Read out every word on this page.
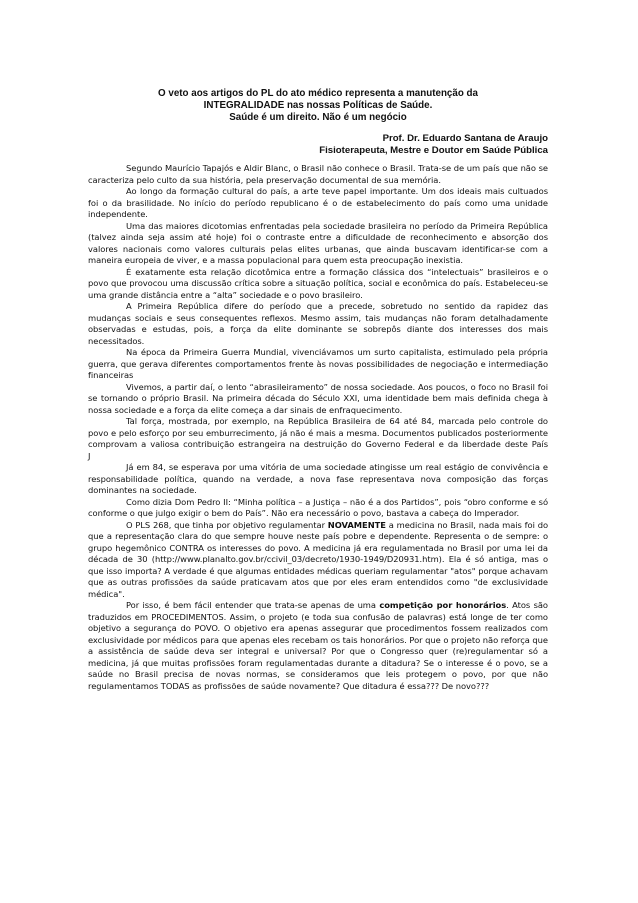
O veto aos artigos do PL do ato médico representa a manutenção da
INTEGRALIDADE nas nossas Políticas de Saúde.
Saúde é um direito. Não é um negócio
Prof. Dr. Eduardo Santana de Araujo
Fisioterapeuta, Mestre e Doutor em Saúde Pública

Segundo Maurício Tapajós e Aldir Blanc, o Brasil não conhece o Brasil. Trata-se de um país que não se caracteriza pelo culto da sua história, pela preservação documental de sua memória.

Ao longo da formação cultural do país, a arte teve papel importante. Um dos ideais mais cultuados foi o da brasilidade. No início do período republicano é o de estabelecimento do país como uma unidade independente.

Uma das maiores dicotomias enfrentadas pela sociedade brasileira no período da Primeira República (talvez ainda seja assim até hoje) foi o contraste entre a dificuldade de reconhecimento e absorção dos valores nacionais como valores culturais pelas elites urbanas, que ainda buscavam identificar-se com a maneira europeia de viver, e a massa populacional para quem esta preocupação inexistia.

É exatamente esta relação dicotômica entre a formação clássica dos “intelectuais” brasileiros e o povo que provocou uma discussão crítica sobre a situação política, social e econômica do país. Estabeleceu-se uma grande distância entre a “alta” sociedade e o povo brasileiro.

A Primeira República difere do período que a precede, sobretudo no sentido da rapidez das mudanças sociais e seus consequentes reflexos. Mesmo assim, tais mudanças não foram detalhadamente observadas e estudas, pois, a força da elite dominante se sobrepôs diante dos interesses dos mais necessitados.

Na época da Primeira Guerra Mundial, vivenciávamos um surto capitalista, estimulado pela própria guerra, que gerava diferentes comportamentos frente às novas possibilidades de negociação e intermediação financeiras

Vivemos, a partir daí, o lento “abrasileiramento” de nossa sociedade. Aos poucos, o foco no Brasil foi se tornando o próprio Brasil. Na primeira década do Século XXI, uma identidade bem mais definida chega à nossa sociedade e a força da elite começa a dar sinais de enfraquecimento.

Tal força, mostrada, por exemplo, na República Brasileira de 64 até 84, marcada pelo controle do povo e pelo esforço por seu emburrecimento, já não é mais a mesma. Documentos publicados posteriormente comprovam a valiosa contribuição estrangeira na destruição do Governo Federal e da liberdade deste País        J

Já em 84, se esperava por uma vitória de uma sociedade atingisse um real estágio de convivência e responsabilidade política, quando na verdade, a nova fase representava nova composição das forças dominantes na sociedade.

Como dizia Dom Pedro II: “Minha política – a Justiça – não é a dos Partidos”, pois “obro conforme e só conforme o que julgo exigir o bem do País”. Não era necessário o povo, bastava a cabeça do Imperador.

O PLS 268, que tinha por objetivo regulamentar NOVAMENTE a medicina no Brasil, nada mais foi do que a representação clara do que sempre houve neste país pobre e dependente. Representa o de sempre: o grupo hegemônico CONTRA os interesses do povo. A medicina já era regulamentada no Brasil por uma lei da década de 30 (http://www.planalto.gov.br/ccivil_03/decreto/1930-1949/D20931.htm). Ela é só antiga, mas o que isso importa? A verdade é que algumas entidades médicas queriam regulamentar "atos" porque achavam que as outras profissões da saúde praticavam atos que por eles eram entendidos como "de exclusividade médica".

Por isso, é bem fácil entender que trata-se apenas de uma competição por honorários. Atos são traduzidos em PROCEDIMENTOS. Assim, o projeto (e toda sua confusão de palavras) está longe de ter como objetivo a segurança do POVO. O objetivo era apenas assegurar que procedimentos fossem realizados com exclusividade por médicos para que apenas eles recebam os tais honorários. Por que o projeto não reforça que a assistência de saúde deva ser integral e universal? Por que o Congresso quer (re)regulamentar só a medicina, já que muitas profissões foram regulamentadas durante a ditadura? Se o interesse é o povo, se a saúde no Brasil precisa de novas normas, se consideramos que leis protegem o povo, por que não regulamentamos TODAS as profissões de saúde novamente? Que ditadura é essa??? De novo???
